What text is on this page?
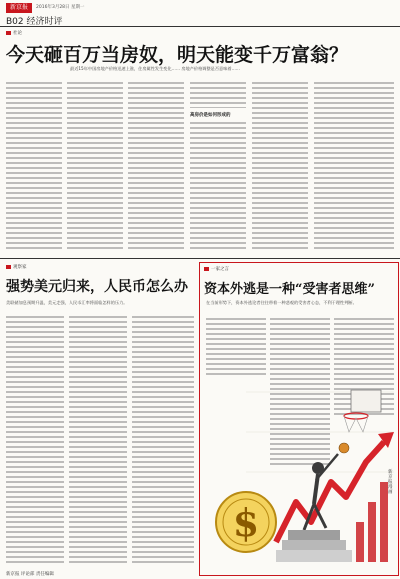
新京报	2016年3月28日 星期一
B02 经济时评
社论
今天砸百万当房奴，明天能变千万富翁？
最近15年中国房地产价格迅速上涨，住房属性发生变化…… 房地产价格调整是否意味着……
高房价是如何形成的
观察家
强势美元归来，人民币怎么办
美联储加息预期升温，美元走强，人民币汇率将面临怎样的压力。
一家之言
资本外逃是一种“受害者思维”
在当前形势下，资本外逃论者往往带着一种悲观的受害者心态，不利于理性判断。
$
新京报漫画
新京报 评论部 责任编辑
